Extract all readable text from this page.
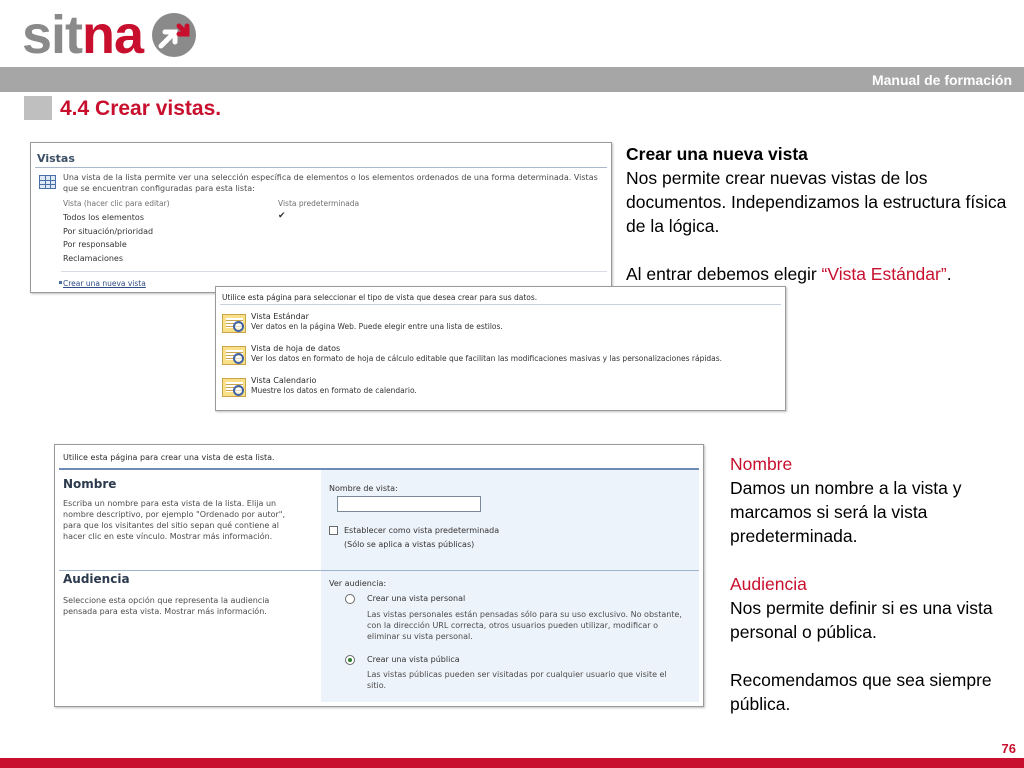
sitna
Manual de formación
4.4 Crear vistas.
Vistas
Una vista de la lista permite ver una selección específica de elementos o los elementos ordenados de una forma determinada. Vistas que se encuentran configuradas para esta lista:
Vista (hacer clic para editar)	Vista predeterminada
Todos los elementos
Por situación/prioridad
Por responsable
Reclamaciones
✔
Crear una nueva vista
Utilice esta página para seleccionar el tipo de vista que desea crear para sus datos.
Vista Estándar
Ver datos en la página Web. Puede elegir entre una lista de estilos.
Vista de hoja de datos
Ver los datos en formato de hoja de cálculo editable que facilitan las modificaciones masivas y las personalizaciones rápidas.
Vista Calendario
Muestre los datos en formato de calendario.
Utilice esta página para crear una vista de esta lista.
Nombre
Escriba un nombre para esta vista de la lista. Elija un nombre descriptivo, por ejemplo "Ordenado por autor", para que los visitantes del sitio sepan qué contiene al hacer clic en este vínculo. Mostrar más información.
Nombre de vista:
Establecer como vista predeterminada
(Sólo se aplica a vistas públicas)
Audiencia
Seleccione esta opción que representa la audiencia pensada para esta vista. Mostrar más información.
Ver audiencia:
Crear una vista personal
Las vistas personales están pensadas sólo para su uso exclusivo. No obstante, con la dirección URL correcta, otros usuarios pueden utilizar, modificar o eliminar su vista personal.
Crear una vista pública
Las vistas públicas pueden ser visitadas por cualquier usuario que visite el sitio.
Crear una nueva vista
Nos permite crear nuevas vistas de los documentos. Independizamos la estructura física de la lógica.
Al entrar debemos elegir “Vista Estándar”.
Nombre
Damos un nombre a la vista y marcamos si será la vista predeterminada.
Audiencia
Nos permite definir si es una vista personal o pública.
Recomendamos que sea siempre pública.
76
